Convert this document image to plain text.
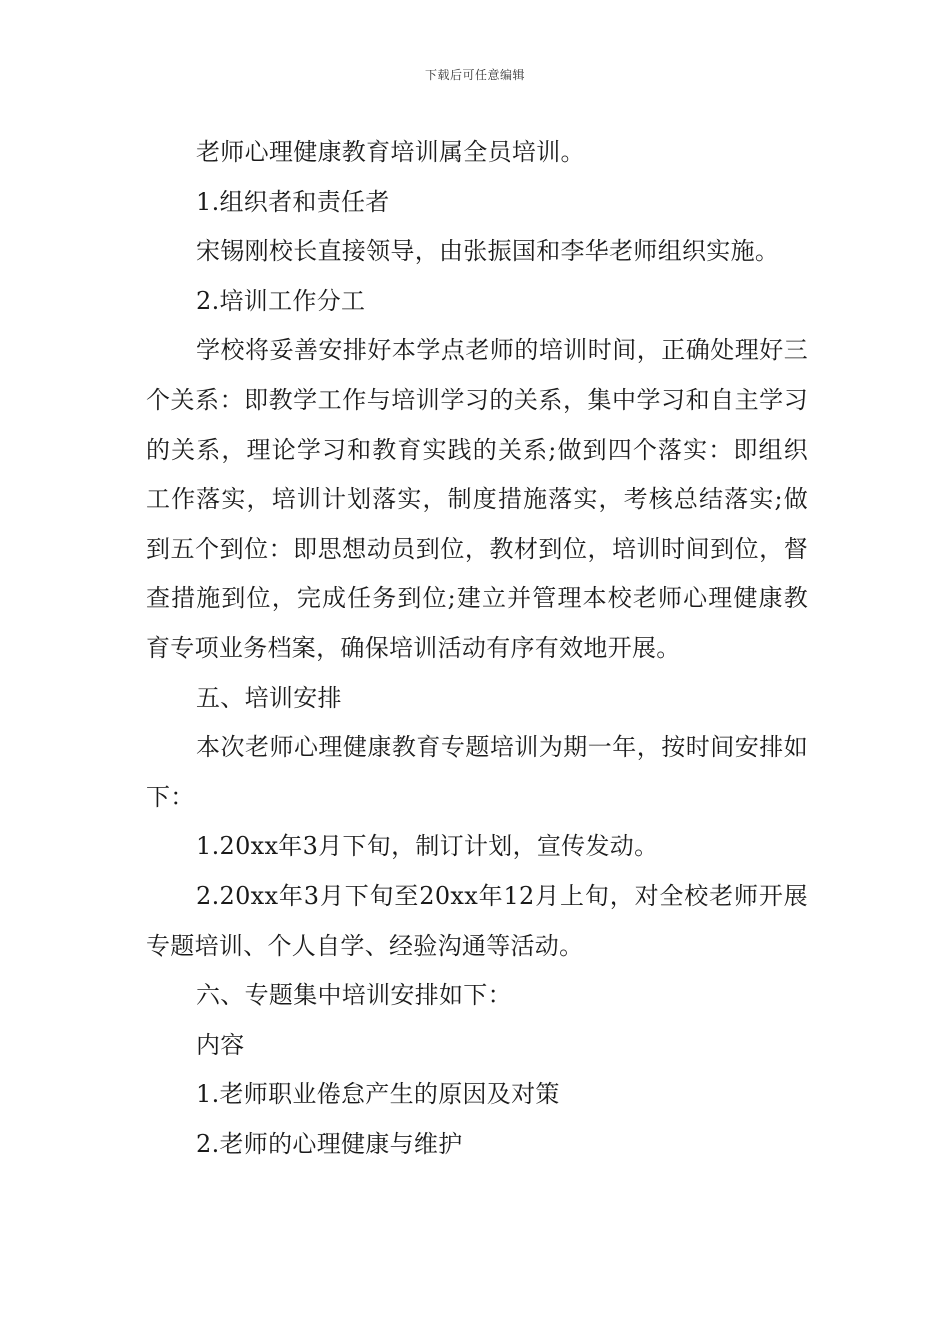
下载后可任意编辑

老师心理健康教育培训属全员培训。

1.组织者和责任者

宋锡刚校长直接领导，由张振国和李华老师组织实施。

2.培训工作分工

学校将妥善安排好本学点老师的培训时间，正确处理好三个关系：即教学工作与培训学习的关系，集中学习和自主学习的关系，理论学习和教育实践的关系;做到四个落实：即组织工作落实，培训计划落实，制度措施落实，考核总结落实;做到五个到位：即思想动员到位，教材到位，培训时间到位，督查措施到位，完成任务到位;建立并管理本校老师心理健康教育专项业务档案，确保培训活动有序有效地开展。

五、培训安排

本次老师心理健康教育专题培训为期一年，按时间安排如下：

1.20xx年3月下旬，制订计划，宣传发动。

2.20xx年3月下旬至20xx年12月上旬，对全校老师开展专题培训、个人自学、经验沟通等活动。

六、专题集中培训安排如下：

内容

1.老师职业倦怠产生的原因及对策

2.老师的心理健康与维护
